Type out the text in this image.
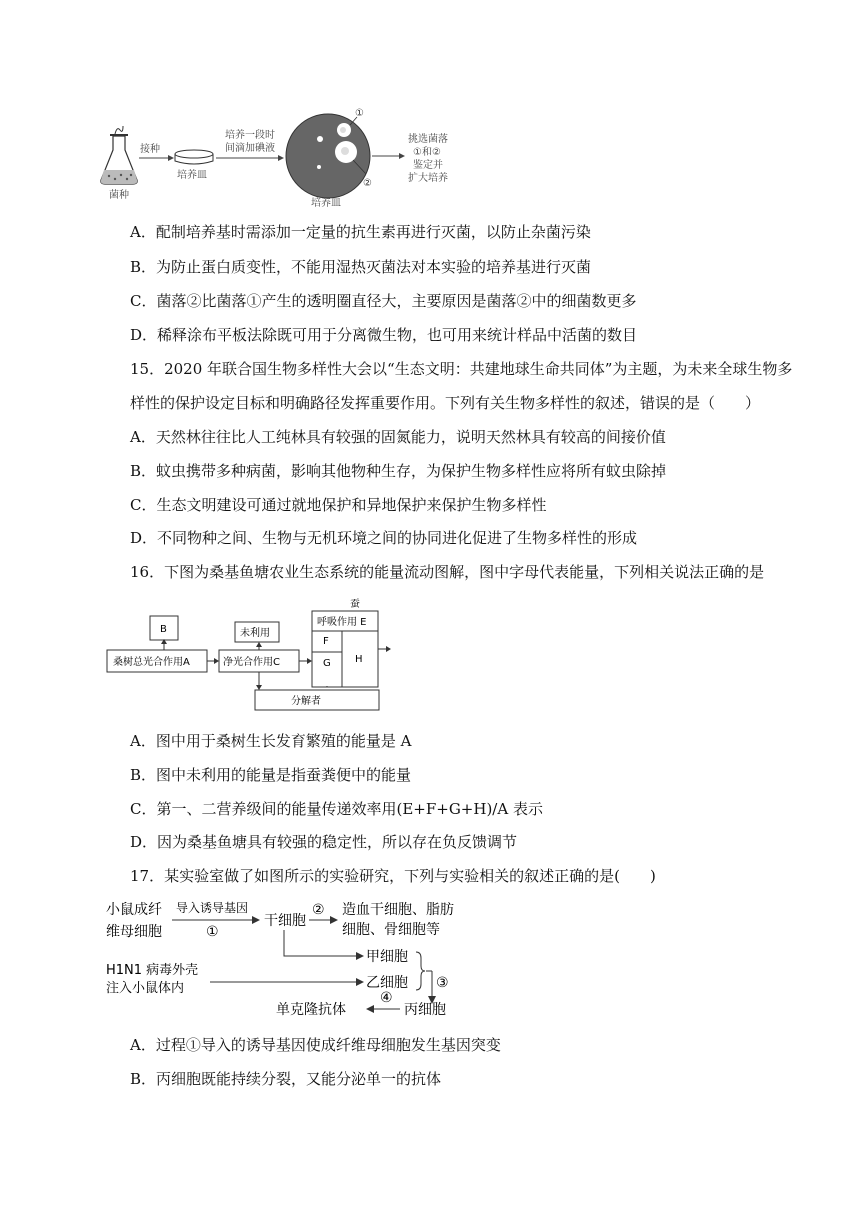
菌种
接种
培养皿
培养一段时
间滴加碘液
①
②
培养皿
挑选菌落
①和②
鉴定并
扩大培养
A．配制培养基时需添加一定量的抗生素再进行灭菌，以防止杂菌污染
B．为防止蛋白质变性，不能用湿热灭菌法对本实验的培养基进行灭菌
C．菌落②比菌落①产生的透明圈直径大，主要原因是菌落②中的细菌数更多
D．稀释涂布平板法除既可用于分离微生物，也可用来统计样品中活菌的数目
15．2020 年联合国生物多样性大会以“生态文明：共建地球生命共同体”为主题，为未来全球生物多
样性的保护设定目标和明确路径发挥重要作用。下列有关生物多样性的叙述，错误的是（　　）
A．天然林往往比人工纯林具有较强的固氮能力，说明天然林具有较高的间接价值
B．蚊虫携带多种病菌，影响其他物种生存，为保护生物多样性应将所有蚊虫除掉
C．生态文明建设可通过就地保护和异地保护来保护生物多样性
D．不同物种之间、生物与无机环境之间的协同进化促进了生物多样性的形成
16．下图为桑基鱼塘农业生态系统的能量流动图解，图中字母代表能量，下列相关说法正确的是
B	未利用
蚕
呼吸作用 E
F
G H
桑树总光合作用A	净光合作用C
分解者
A．图中用于桑树生长发育繁殖的能量是 A
B．图中未利用的能量是指蚕粪便中的能量
C．第一、二营养级间的能量传递效率用(E+F+G+H)/A 表示
D．因为桑基鱼塘具有较强的稳定性，所以存在负反馈调节
17．某实验室做了如图所示的实验研究，下列与实验相关的叙述正确的是(　　)
小鼠成纤
维母细胞
导入诱导基因
①
干细胞
② 造血干细胞、脂肪
细胞、骨细胞等
甲细胞
H1N1 病毒外壳
注入小鼠体内	乙细胞 ③
单克隆抗体
④
丙细胞
A．过程①导入的诱导基因使成纤维母细胞发生基因突变
B．丙细胞既能持续分裂，又能分泌单一的抗体
